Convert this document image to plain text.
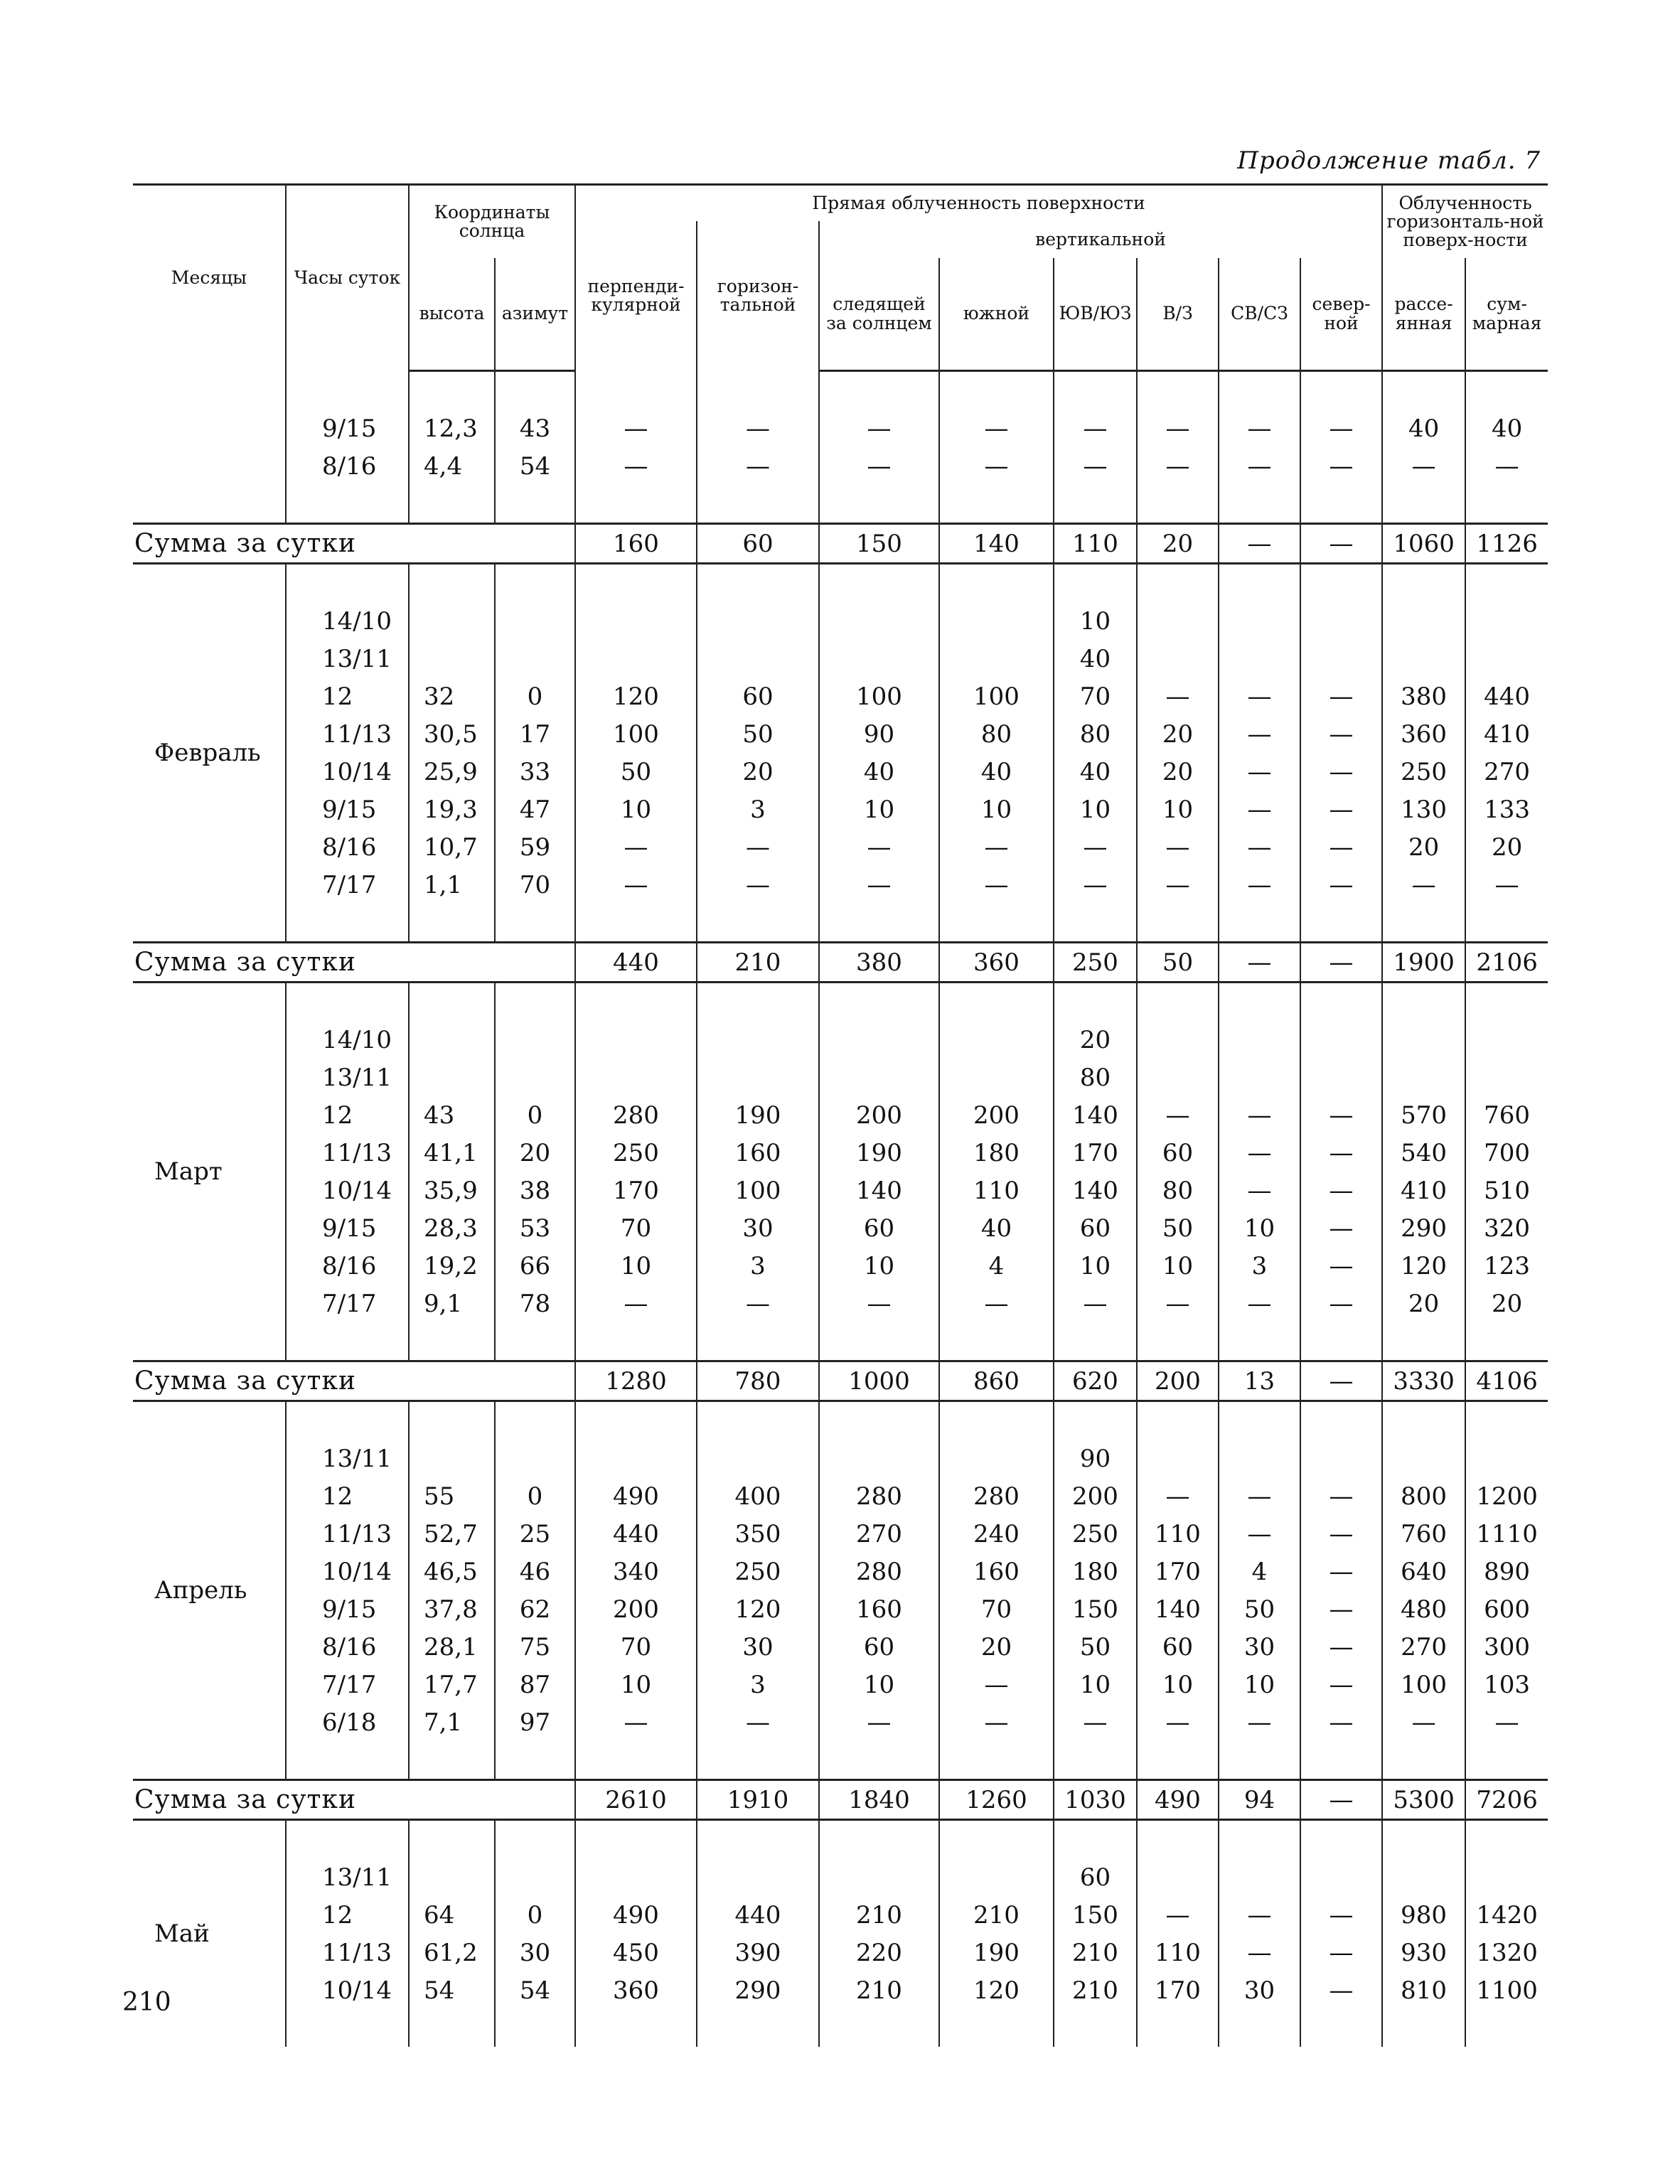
Продолжение табл. 7
Месяцы	Часы суток	Координаты солнца		Прямая облученность поверхности								Облученность горизонталь-ной поверх-ности	
				перпенди-кулярной	горизон-тальной	вертикальной							
		высота	азимут			следящей за солнцем	южной	ЮВ/ЮЗ	В/З	СВ/СЗ	север-ной	рассе-янная	сум-марная

	9/15	12,3	43	—	—	—	—	—	—	—	—	40	40
	8/16	4,4	54	—	—	—	—	—	—	—	—	—	—

Сумма за сутки				160	60	150	140	110	20	—	—	1060	1126
Февраль													
	14/10							10					
	13/11							40					
	12	32	0	120	60	100	100	70	—	—	—	380	440
	11/13	30,5	17	100	50	90	80	80	20	—	—	360	410
	10/14	25,9	33	50	20	40	40	40	20	—	—	250	270
	9/15	19,3	47	10	3	10	10	10	10	—	—	130	133
	8/16	10,7	59	—	—	—	—	—	—	—	—	20	20
	7/17	1,1	70	—	—	—	—	—	—	—	—	—	—

Сумма за сутки				440	210	380	360	250	50	—	—	1900	2106
Март													
	14/10							20					
	13/11							80					
	12	43	0	280	190	200	200	140	—	—	—	570	760
	11/13	41,1	20	250	160	190	180	170	60	—	—	540	700
	10/14	35,9	38	170	100	140	110	140	80	—	—	410	510
	9/15	28,3	53	70	30	60	40	60	50	10	—	290	320
	8/16	19,2	66	10	3	10	4	10	10	3	—	120	123
	7/17	9,1	78	—	—	—	—	—	—	—	—	20	20

Сумма за сутки				1280	780	1000	860	620	200	13	—	3330	4106
Апрель													
	13/11							90					
	12	55	0	490	400	280	280	200	—	—	—	800	1200
	11/13	52,7	25	440	350	270	240	250	110	—	—	760	1110
	10/14	46,5	46	340	250	280	160	180	170	4	—	640	890
	9/15	37,8	62	200	120	160	70	150	140	50	—	480	600
	8/16	28,1	75	70	30	60	20	50	60	30	—	270	300
	7/17	17,7	87	10	3	10	—	10	10	10	—	100	103
	6/18	7,1	97	—	—	—	—	—	—	—	—	—	—

Сумма за сутки				2610	1910	1840	1260	1030	490	94	—	5300	7206
Май													
	13/11							60					
	12	64	0	490	440	210	210	150	—	—	—	980	1420
	11/13	61,2	30	450	390	220	190	210	110	—	—	930	1320
	10/14	54	54	360	290	210	120	210	170	30	—	810	1100

210
